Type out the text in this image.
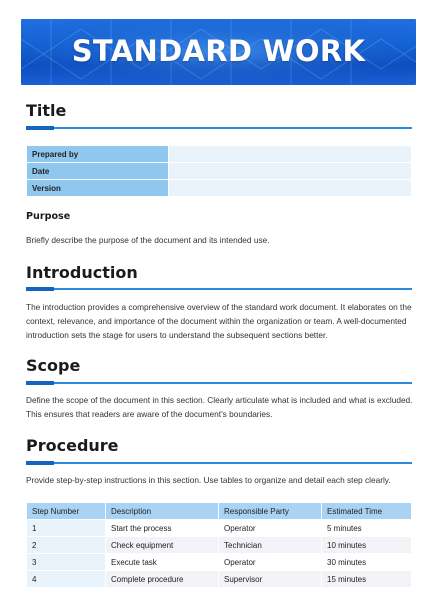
STANDARD WORK
Title
Prepared by	
Date	
Version	
Purpose
Briefly describe the purpose of the document and its intended use.
Introduction
The introduction provides a comprehensive overview of the standard work document. It elaborates on the context, relevance, and importance of the document within the organization or team. A well-documented introduction sets the stage for users to understand the subsequent sections better.
Scope
Define the scope of the document in this section. Clearly articulate what is included and what is excluded. This ensures that readers are aware of the document's boundaries.
Procedure
Provide step-by-step instructions in this section. Use tables to organize and detail each step clearly.
Step Number	Description	Responsible Party	Estimated Time
1	Start the process	Operator	5 minutes
2	Check equipment	Technician	10 minutes
3	Execute task	Operator	30 minutes
4	Complete procedure	Supervisor	15 minutes
